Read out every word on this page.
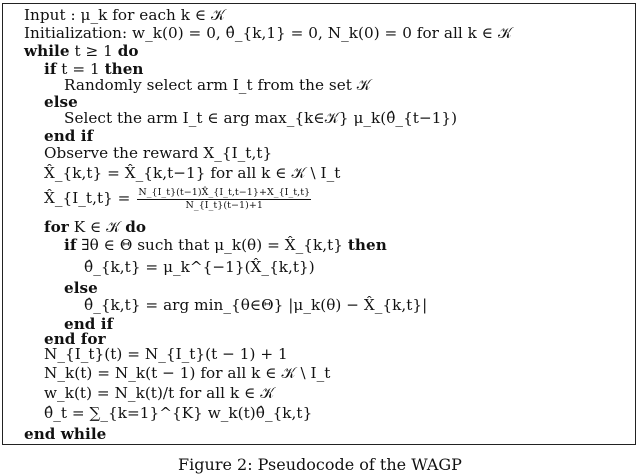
Input : μ_k for each k ∈ 𝒦
Initialization: w_k(0) = 0, θ̂_{k,1} = 0, N_k(0) = 0 for all k ∈ 𝒦
while t ≥ 1 do
if t = 1 then
Randomly select arm I_t from the set 𝒦
else
Select the arm I_t ∈ arg max_{k∈𝒦} μ_k(θ̂_{t−1})
end if
Observe the reward X_{I_t,t}
X̂_{k,t} = X̂_{k,t−1} for all k ∈ 𝒦 \ I_t
X̂_{I_t,t} = $\frac{N\_\{I\_t\}(t-1)X̂\_\{I\_t,t-1\}+X\_\{I\_t,t\}}{N\_\{I\_t\}(t-1)+1}$
for K ∈ 𝒦 do
if ∃θ ∈ Θ such that μ_k(θ) = X̂_{k,t} then
θ̂_{k,t} = μ_k^{−1}(X̂_{k,t})
else
θ̂_{k,t} = arg min_{θ∈Θ} |μ_k(θ) − X̂_{k,t}|
end if
end for
N_{I_t}(t) = N_{I_t}(t − 1) + 1
N_k(t) = N_k(t − 1) for all k ∈ 𝒦 \ I_t
w_k(t) = N_k(t)/t for all k ∈ 𝒦
θ̂_t = ∑_{k=1}^{K} w_k(t)θ̂_{k,t}
end while
Figure 2: Pseudocode of the WAGP
